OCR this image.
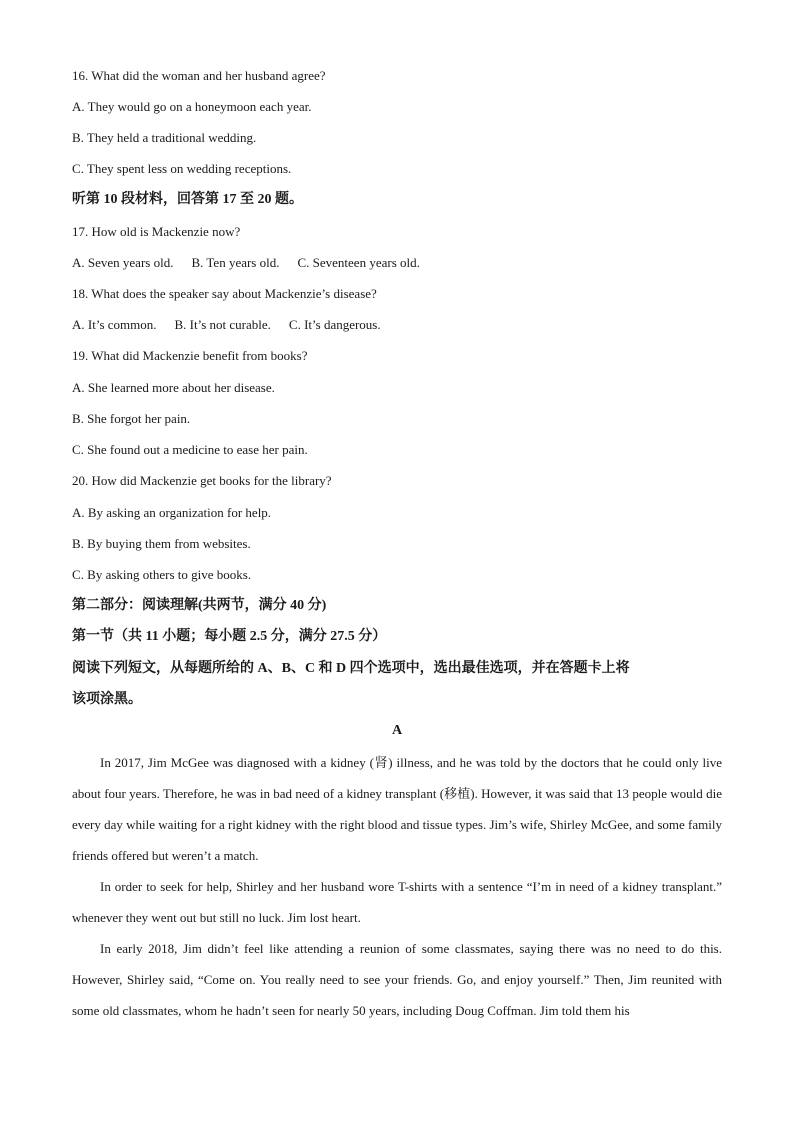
16. What did the woman and her husband agree?
A. They would go on a honeymoon each year.
B. They held a traditional wedding.
C. They spent less on wedding receptions.
听第 10 段材料，回答第 17 至 20 题。
17. How old is Mackenzie now?
A. Seven years old. B. Ten years old. C. Seventeen years old.
18. What does the speaker say about Mackenzie’s disease?
A. It’s common. B. It’s not curable. C. It’s dangerous.
19. What did Mackenzie benefit from books?
A. She learned more about her disease.
B. She forgot her pain.
C. She found out a medicine to ease her pain.
20. How did Mackenzie get books for the library?
A. By asking an organization for help.
B. By buying them from websites.
C. By asking others to give books.
第二部分：阅读理解(共两节，满分 40 分)
第一节（共 11 小题；每小题 2.5 分，满分 27.5 分）
阅读下列短文，从每题所给的 A、B、C 和 D 四个选项中，选出最佳选项，并在答题卡上将
该项涂黑。
A
In 2017, Jim McGee was diagnosed with a kidney (肾) illness, and he was told by the doctors that he could only live about four years. Therefore, he was in bad need of a kidney transplant (移植). However, it was said that 13 people would die every day while waiting for a right kidney with the right blood and tissue types. Jim’s wife, Shirley McGee, and some family friends offered but weren’t a match.
In order to seek for help, Shirley and her husband wore T-shirts with a sentence “I’m in need of a kidney transplant.” whenever they went out but still no luck. Jim lost heart.
In early 2018, Jim didn’t feel like attending a reunion of some classmates, saying there was no need to do this. However, Shirley said, “Come on. You really need to see your friends. Go, and enjoy yourself.” Then, Jim reunited with some old classmates, whom he hadn’t seen for nearly 50 years, including Doug Coffman. Jim told them his
